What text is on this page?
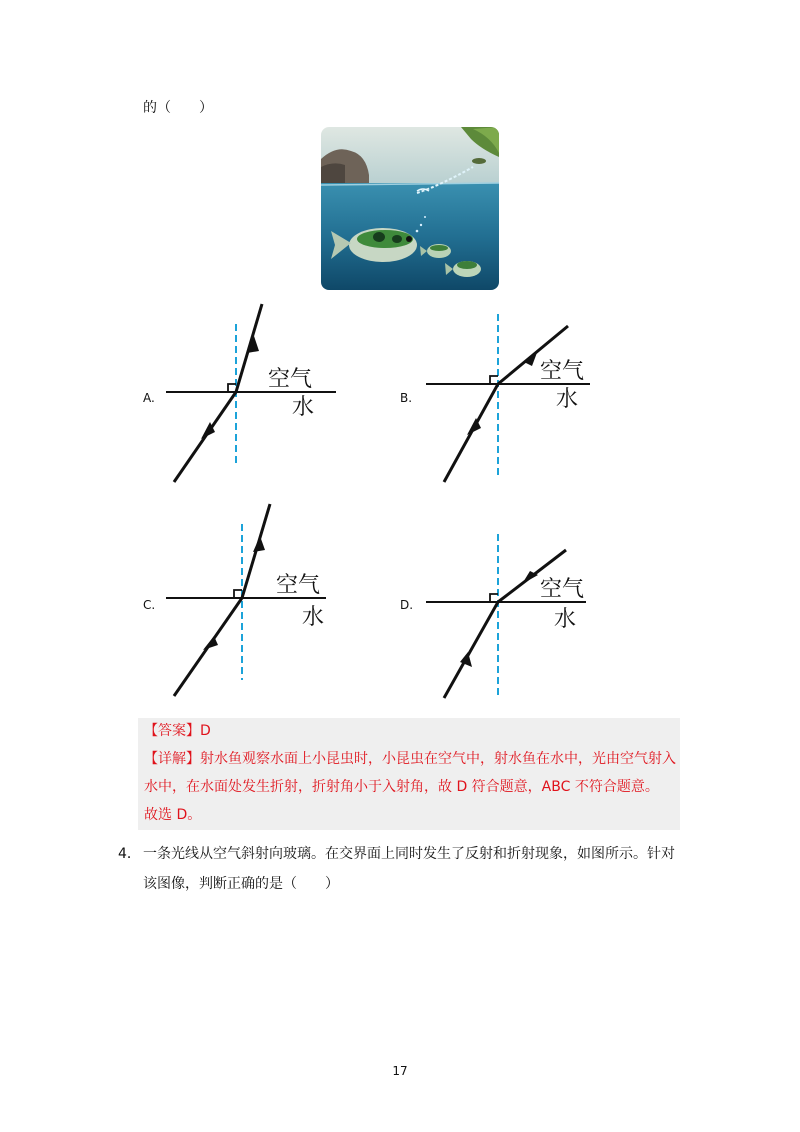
的（　　）
A.
空气
水	B.
空气
水
C.
空气
水	D.
空气
水
【答案】D
【详解】射水鱼观察水面上小昆虫时，小昆虫在空气中，射水鱼在水中，光由空气射入
水中，在水面处发生折射，折射角小于入射角，故 D 符合题意，ABC 不符合题意。
故选 D。
4． 一条光线从空气斜射向玻璃。在交界面上同时发生了反射和折射现象，如图所示。针对
该图像，判断正确的是（　　）
17
